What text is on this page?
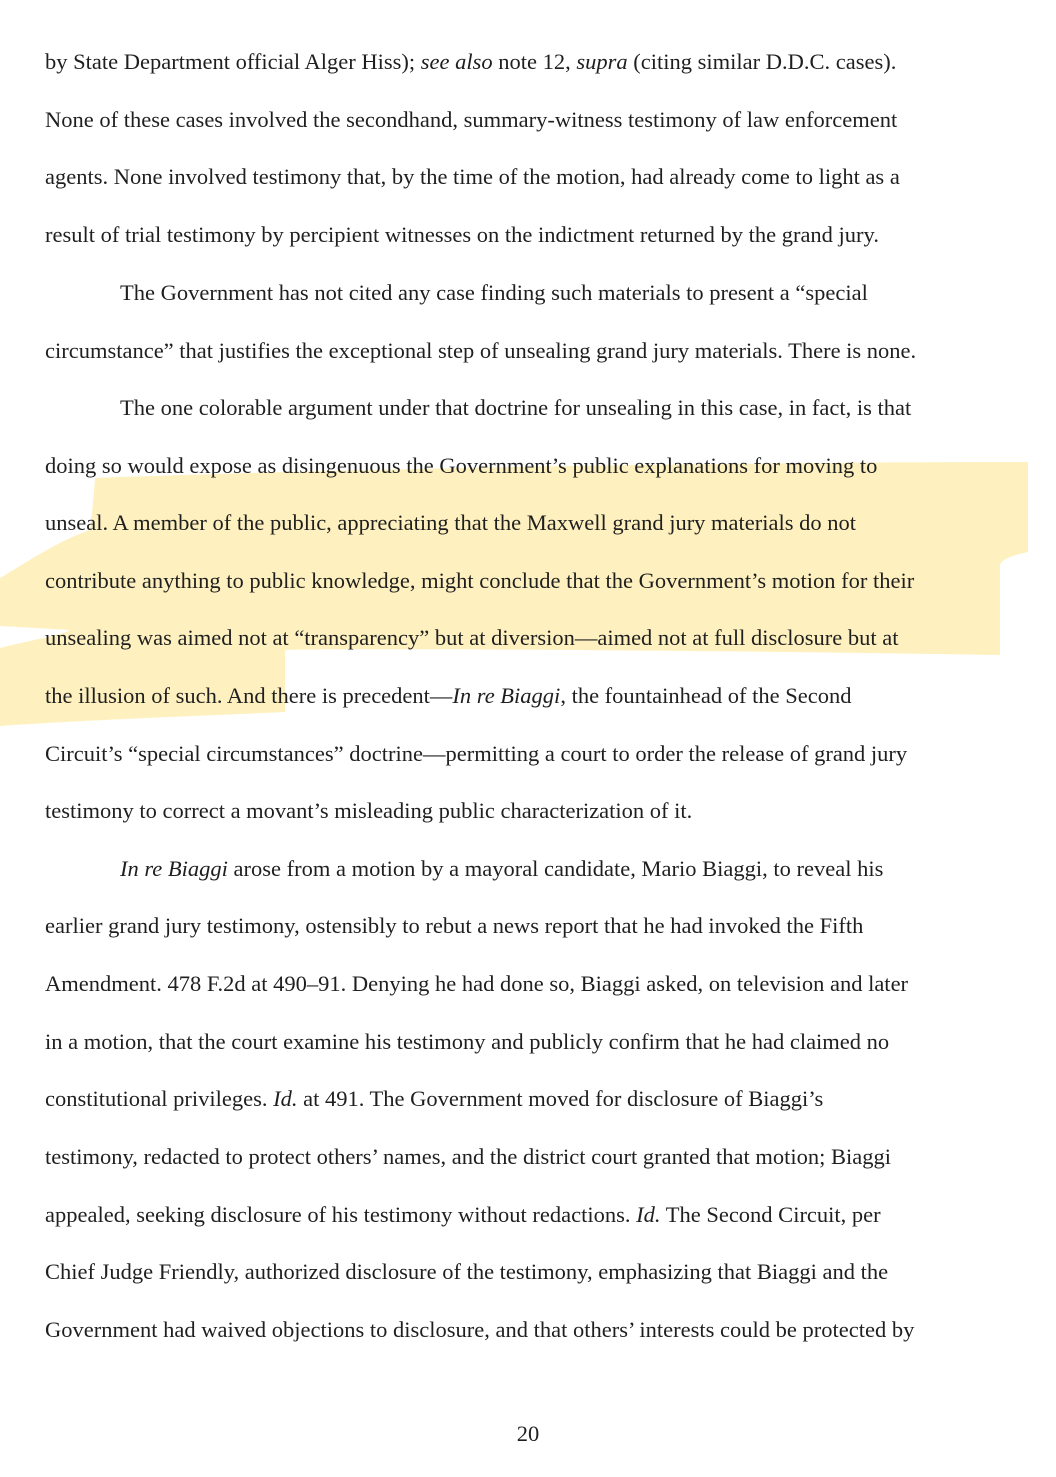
by State Department official Alger Hiss); see also note 12, supra (citing similar D.D.C. cases).
None of these cases involved the secondhand, summary-witness testimony of law enforcement
agents. None involved testimony that, by the time of the motion, had already come to light as a
result of trial testimony by percipient witnesses on the indictment returned by the grand jury.
The Government has not cited any case finding such materials to present a “special
circumstance” that justifies the exceptional step of unsealing grand jury materials. There is none.
The one colorable argument under that doctrine for unsealing in this case, in fact, is that
doing so would expose as disingenuous the Government’s public explanations for moving to
unseal. A member of the public, appreciating that the Maxwell grand jury materials do not
contribute anything to public knowledge, might conclude that the Government’s motion for their
unsealing was aimed not at “transparency” but at diversion—aimed not at full disclosure but at
the illusion of such. And there is precedent—In re Biaggi, the fountainhead of the Second
Circuit’s “special circumstances” doctrine—permitting a court to order the release of grand jury
testimony to correct a movant’s misleading public characterization of it.
In re Biaggi arose from a motion by a mayoral candidate, Mario Biaggi, to reveal his
earlier grand jury testimony, ostensibly to rebut a news report that he had invoked the Fifth
Amendment. 478 F.2d at 490–91. Denying he had done so, Biaggi asked, on television and later
in a motion, that the court examine his testimony and publicly confirm that he had claimed no
constitutional privileges. Id. at 491. The Government moved for disclosure of Biaggi’s
testimony, redacted to protect others’ names, and the district court granted that motion; Biaggi
appealed, seeking disclosure of his testimony without redactions. Id. The Second Circuit, per
Chief Judge Friendly, authorized disclosure of the testimony, emphasizing that Biaggi and the
Government had waived objections to disclosure, and that others’ interests could be protected by
20
